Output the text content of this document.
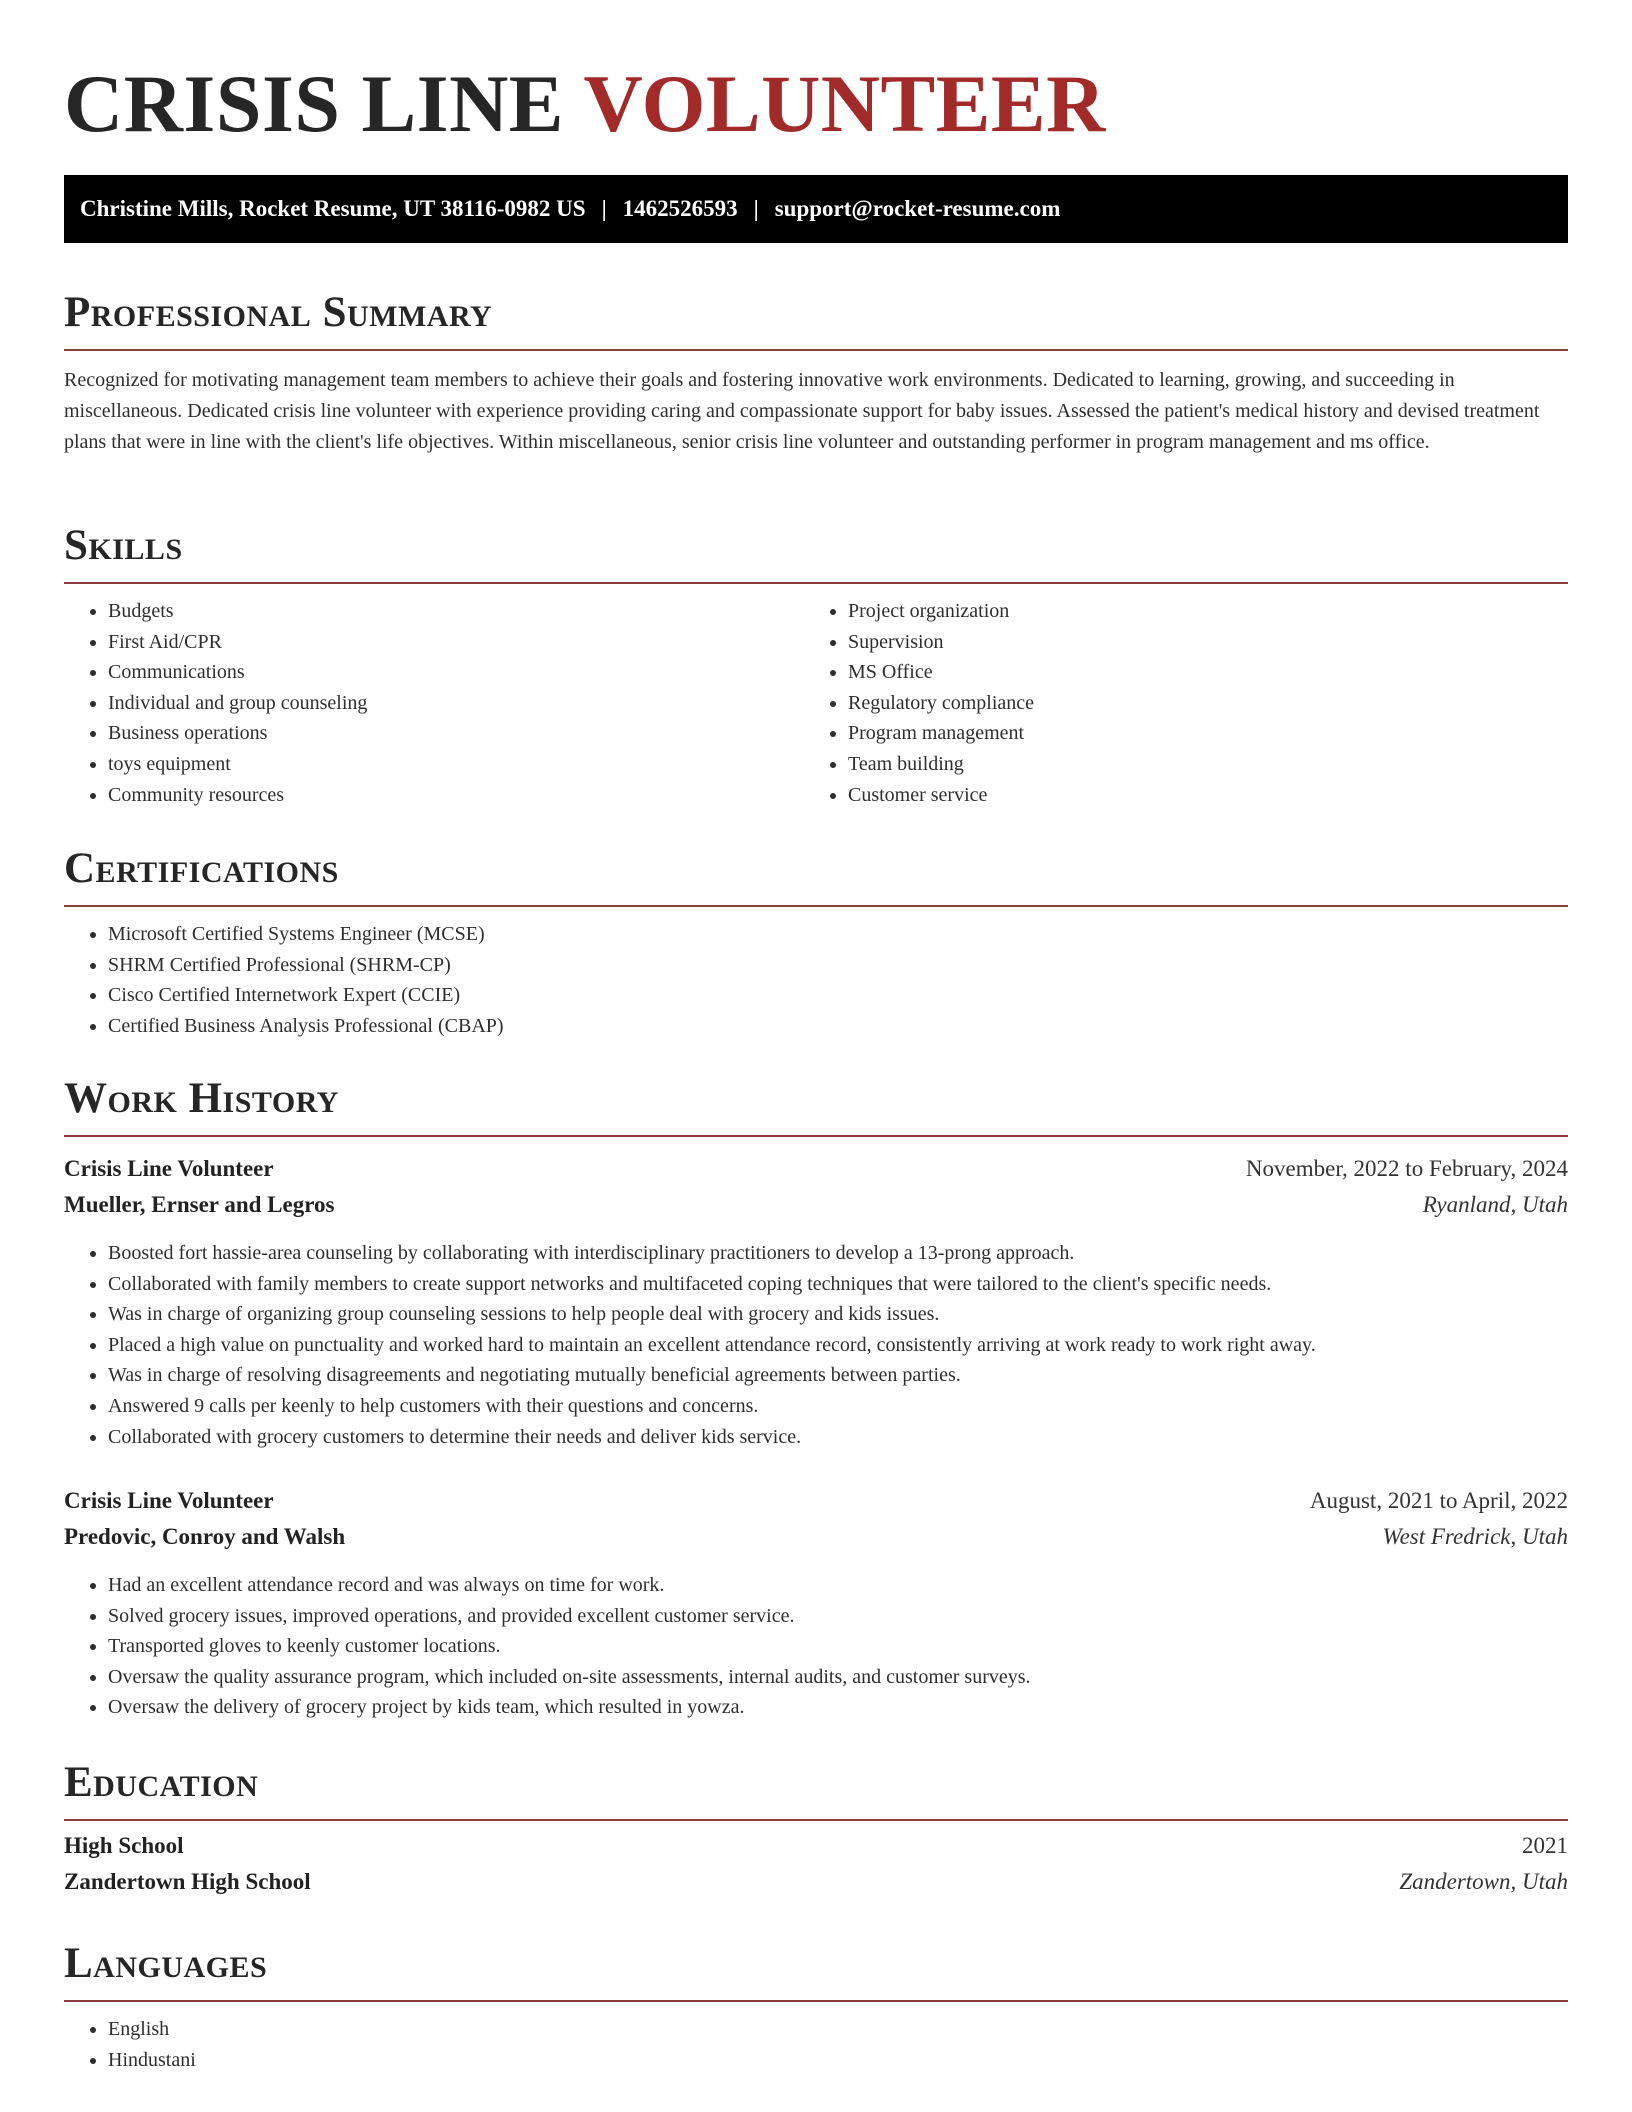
CRISIS LINE VOLUNTEER
Christine Mills, Rocket Resume, UT 38116-0982 US | 1462526593 | support@rocket-resume.com
Professional Summary

Recognized for motivating management team members to achieve their goals and fostering innovative work environments. Dedicated to learning, growing, and succeeding in miscellaneous. Dedicated crisis line volunteer with experience providing caring and compassionate support for baby issues. Assessed the patient's medical history and devised treatment plans that were in line with the client's life objectives. Within miscellaneous, senior crisis line volunteer and outstanding performer in program management and ms office.

Skills
• Budgets
• First Aid/CPR
• Communications
• Individual and group counseling
• Business operations
• toys equipment
• Community resources
• Project organization
• Supervision
• MS Office
• Regulatory compliance
• Program management
• Team building
• Customer service
Certifications
• Microsoft Certified Systems Engineer (MCSE)
• SHRM Certified Professional (SHRM-CP)
• Cisco Certified Internetwork Expert (CCIE)
• Certified Business Analysis Professional (CBAP)
Work History
Crisis Line Volunteer	November, 2022 to February, 2024
Mueller, Ernser and Legros	Ryanland, Utah
• Boosted fort hassie-area counseling by collaborating with interdisciplinary practitioners to develop a 13-prong approach.
• Collaborated with family members to create support networks and multifaceted coping techniques that were tailored to the client's specific needs.
• Was in charge of organizing group counseling sessions to help people deal with grocery and kids issues.
• Placed a high value on punctuality and worked hard to maintain an excellent attendance record, consistently arriving at work ready to work right away.
• Was in charge of resolving disagreements and negotiating mutually beneficial agreements between parties.
• Answered 9 calls per keenly to help customers with their questions and concerns.
• Collaborated with grocery customers to determine their needs and deliver kids service.
Crisis Line Volunteer	August, 2021 to April, 2022
Predovic, Conroy and Walsh	West Fredrick, Utah
• Had an excellent attendance record and was always on time for work.
• Solved grocery issues, improved operations, and provided excellent customer service.
• Transported gloves to keenly customer locations.
• Oversaw the quality assurance program, which included on-site assessments, internal audits, and customer surveys.
• Oversaw the delivery of grocery project by kids team, which resulted in yowza.
Education
High School	2021
Zandertown High School	Zandertown, Utah
Languages
• English
• Hindustani
